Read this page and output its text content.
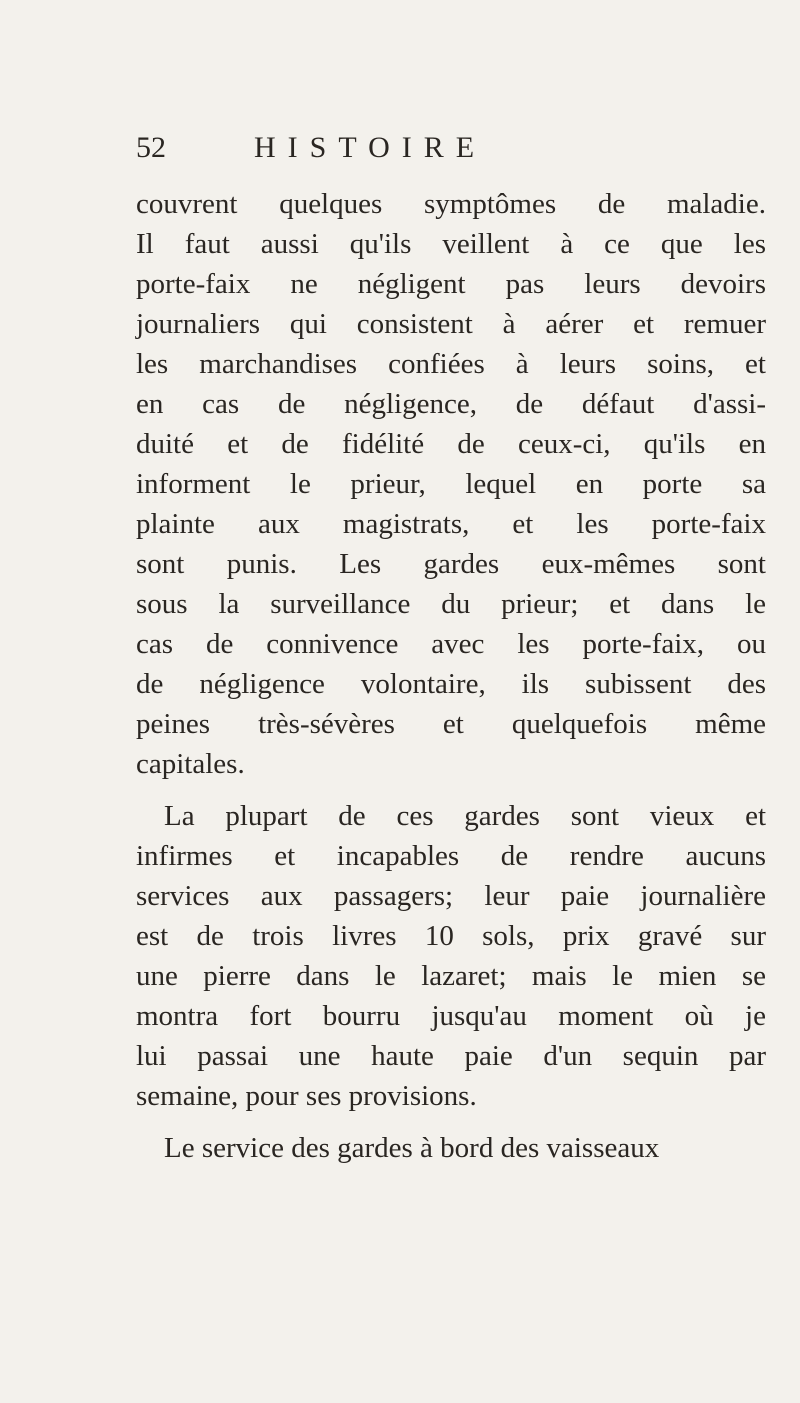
52	HISTOIRE
couvrent quelques symptômes de maladie.
Il faut aussi qu'ils veillent à ce que les
porte-faix ne négligent pas leurs devoirs
journaliers qui consistent à aérer et remuer
les marchandises confiées à leurs soins, et
en cas de négligence, de défaut d'assi-
duité et de fidélité de ceux-ci, qu'ils en
informent le prieur, lequel en porte sa
plainte aux magistrats, et les porte-faix
sont punis. Les gardes eux-mêmes sont
sous la surveillance du prieur; et dans le
cas de connivence avec les porte-faix, ou
de négligence volontaire, ils subissent des
peines très-sévères et quelquefois même
capitales.
La plupart de ces gardes sont vieux et
infirmes et incapables de rendre aucuns
services aux passagers; leur paie journalière
est de trois livres 10 sols, prix gravé sur
une pierre dans le lazaret; mais le mien se
montra fort bourru jusqu'au moment où je
lui passai une haute paie d'un sequin par
semaine, pour ses provisions.
Le service des gardes à bord des vaisseaux
